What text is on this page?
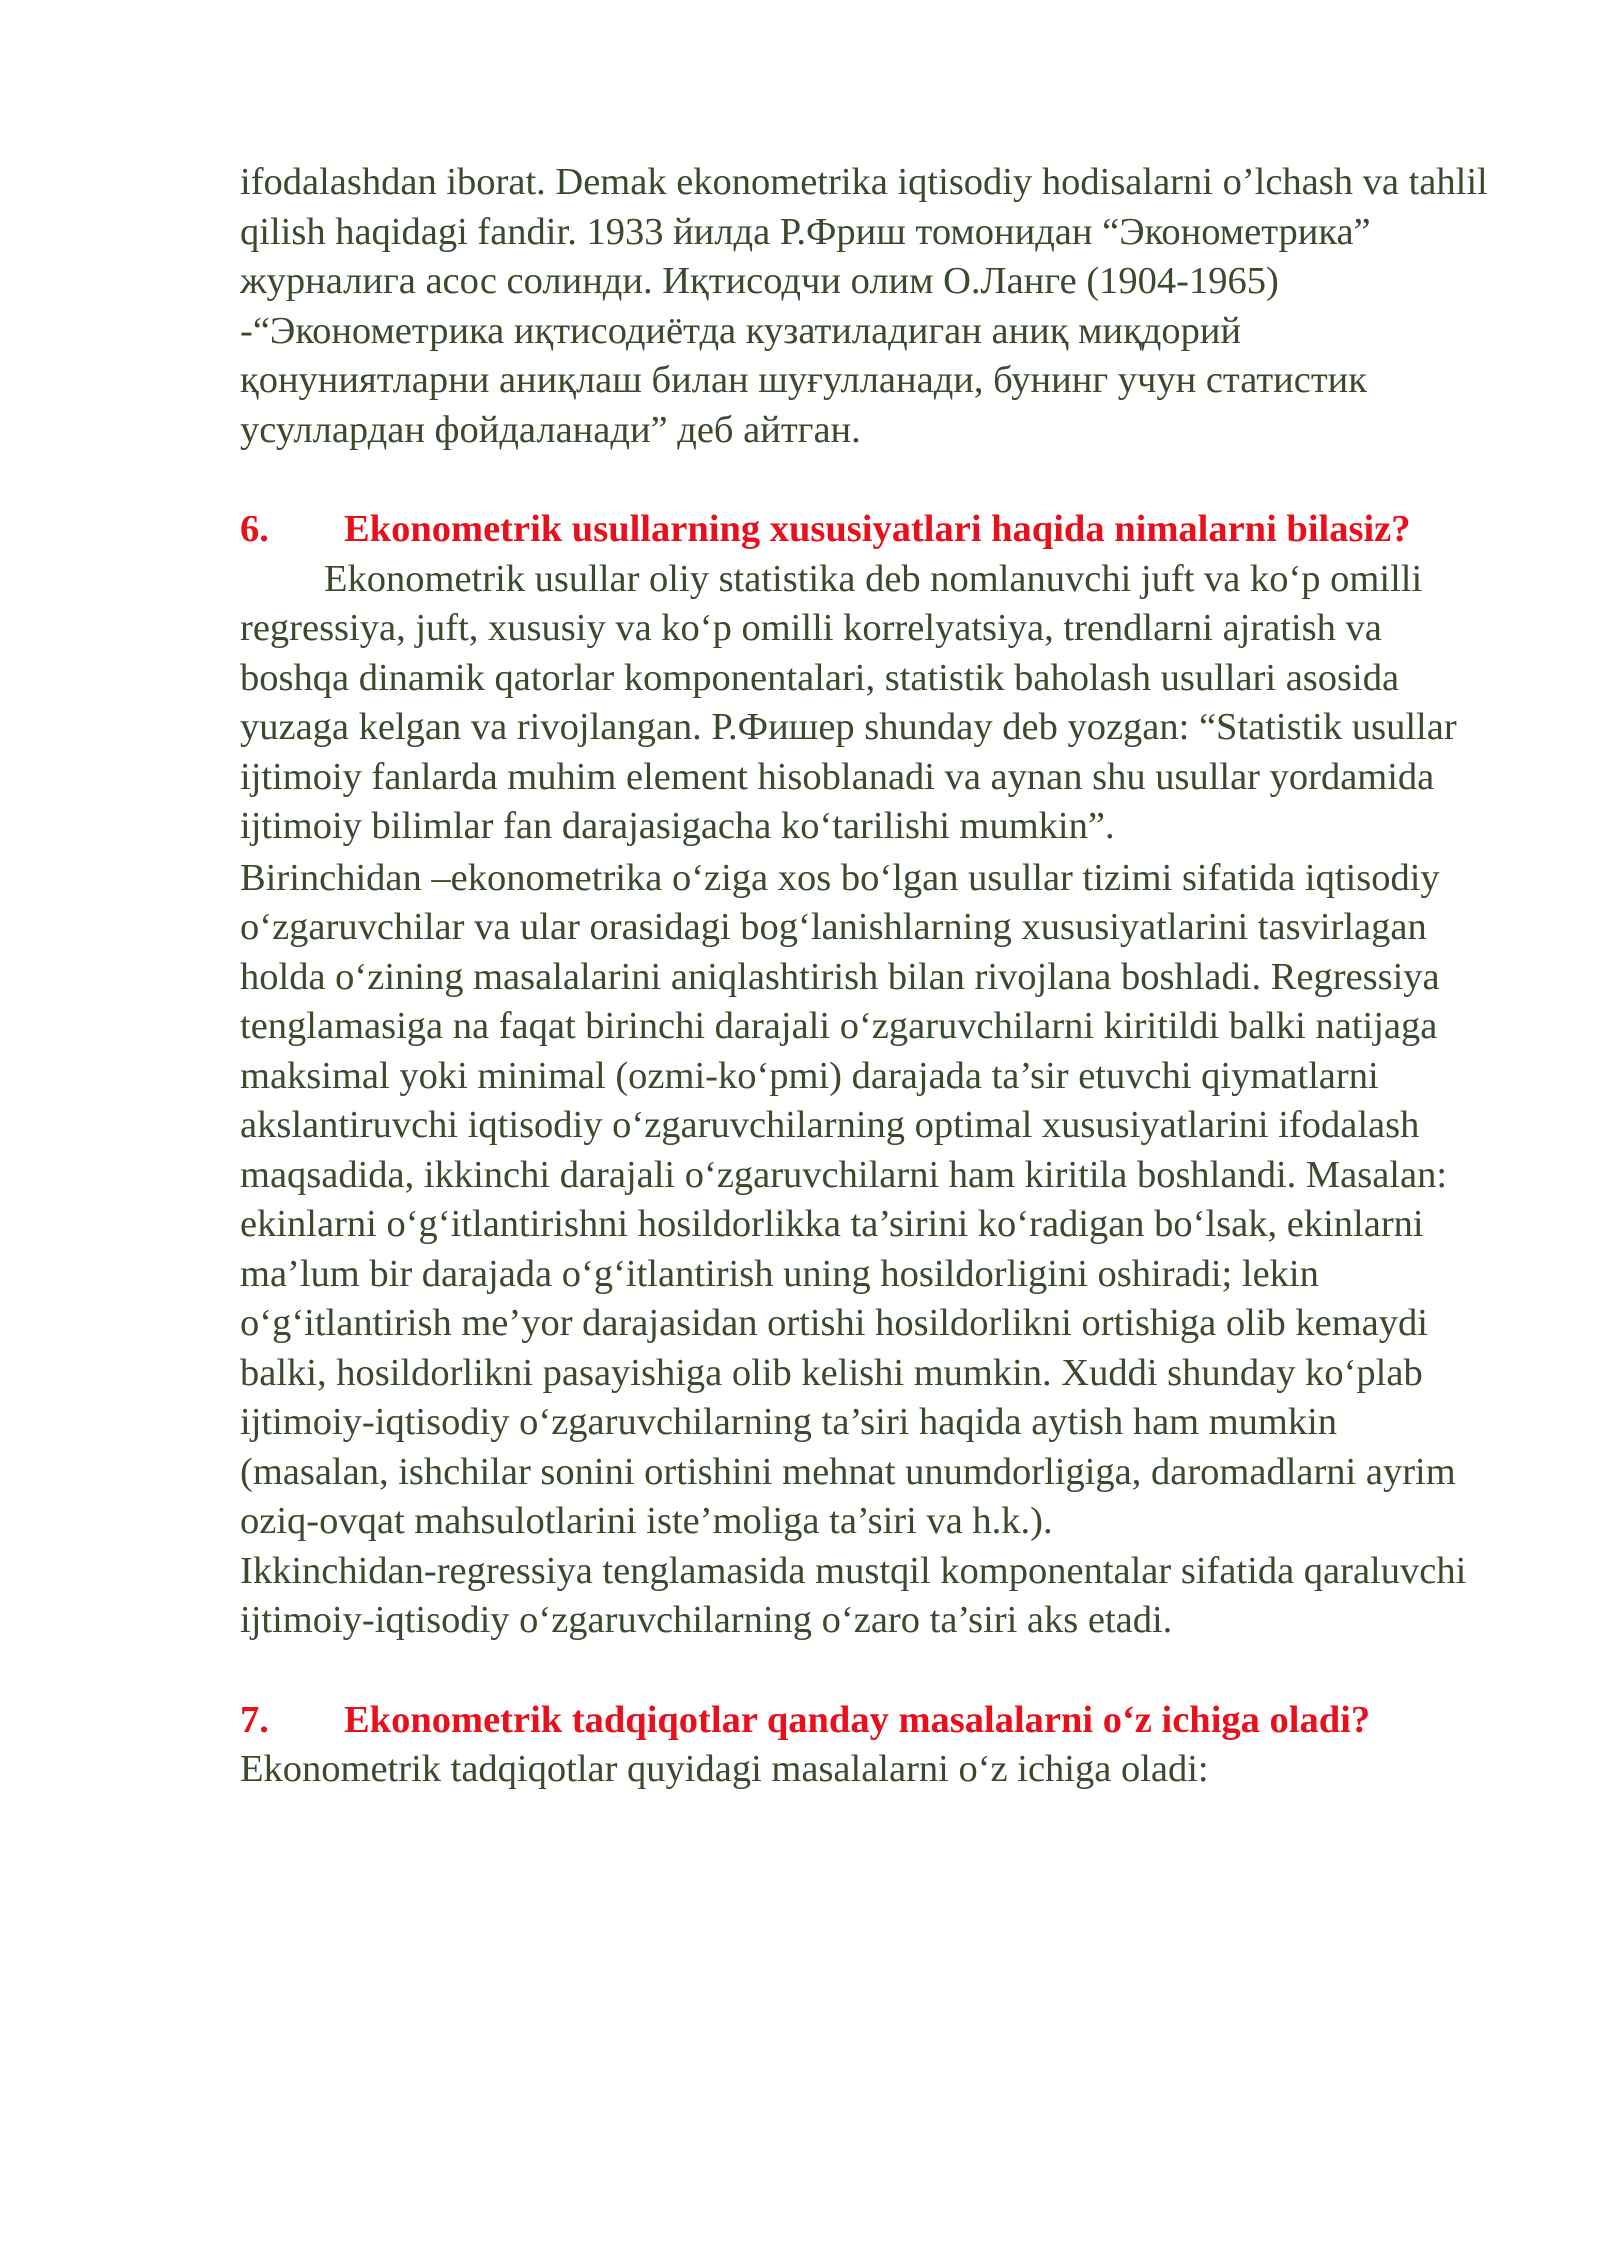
ifodalashdan iborat. Demak ekonometrika iqtisodiy hodisalarni o’lchash va tahlil qilish haqidagi fandir. 1933 йилда Р.Фриш томонидан “Эконометрика” журналига асос солинди. Иқтисодчи олим О.Ланге (1904-1965) -“Эконометрика иқтисодиётда кузатиладиган аниқ миқдорий қонуниятларни аниқлаш билан шуғулланади, бунинг учун статистик усуллардан фойдаланади” деб айтган.

6.	Ekonometrik usullarning xususiyatlari haqida nimalarni bilasiz?

Ekonometrik usullar oliy statistika deb nomlanuvchi juft va ko‘p omilli regressiya, juft, xususiy va ko‘p omilli korrelyatsiya, trendlarni ajratish va boshqa dinamik qatorlar komponentalari, statistik baholash usullari asosida yuzaga kelgan va rivojlangan. Р.Фишер shunday deb yozgan: “Statistik usullar ijtimoiy fanlarda muhim element hisoblanadi va aynan shu usullar yordamida ijtimoiy bilimlar fan darajasigacha ko‘tarilishi mumkin”.

Birinchidan –ekonometrika o‘ziga xos bo‘lgan usullar tizimi sifatida iqtisodiy o‘zgaruvchilar va ular orasidagi bog‘lanishlarning xususiyatlarini tasvirlagan holda o‘zining masalalarini aniqlashtirish bilan rivojlana boshladi. Regressiya tenglamasiga na faqat birinchi darajali o‘zgaruvchilarni kiritildi balki natijaga maksimal yoki minimal (ozmi-ko‘pmi) darajada ta’sir etuvchi qiymatlarni akslantiruvchi iqtisodiy o‘zgaruvchilarning optimal xususiyatlarini ifodalash maqsadida, ikkinchi darajali o‘zgaruvchilarni ham kiritila boshlandi. Masalan: ekinlarni o‘g‘itlantirishni hosildorlikka ta’sirini ko‘radigan bo‘lsak, ekinlarni ma’lum bir darajada o‘g‘itlantirish uning hosildorligini oshiradi; lekin o‘g‘itlantirish me’yor darajasidan ortishi hosildorlikni ortishiga olib kemaydi balki, hosildorlikni pasayishiga olib kelishi mumkin. Xuddi shunday ko‘plab ijtimoiy-iqtisodiy o‘zgaruvchilarning ta’siri haqida aytish ham mumkin (masalan, ishchilar sonini ortishini mehnat unumdorligiga, daromadlarni ayrim oziq-ovqat mahsulotlarini iste’moliga ta’siri va h.k.).

Ikkinchidan-regressiya tenglamasida mustqil komponentalar sifatida qaraluvchi ijtimoiy-iqtisodiy o‘zgaruvchilarning o‘zaro ta’siri aks etadi.

7.	Ekonometrik tadqiqotlar qanday masalalarni o‘z ichiga oladi?

Ekonometrik tadqiqotlar quyidagi masalalarni o‘z ichiga oladi:
